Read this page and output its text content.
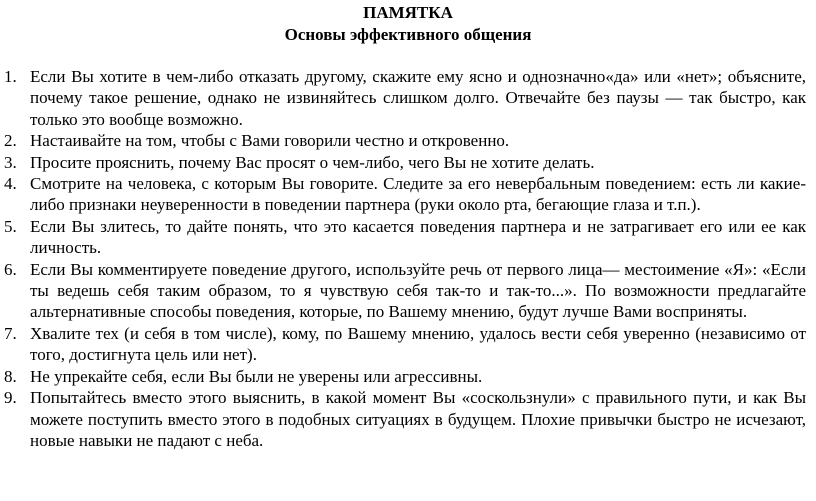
ПАМЯТКА
Основы эффективного общения
1. Если Вы хотите в чем-либо отказать другому, скажите ему ясно и однозначно«да» или «нет»; объясните, почему такое решение, однако не извиняйтесь слишком долго. Отвечайте без паузы — так быстро, как только это вообще возможно.
2. Настаивайте на том, чтобы с Вами говорили честно и откровенно.
3. Просите прояснить, почему Вас просят о чем-либо, чего Вы не хотите делать.
4. Смотрите на человека, с которым Вы говорите. Следите за его невербальным поведением: есть ли какие-либо признаки неуверенности в поведении партнера (руки около рта, бегающие глаза и т.п.).
5. Если Вы злитесь, то дайте понять, что это касается поведения партнера и не затрагивает его или ее как личность.
6. Если Вы комментируете поведение другого, используйте речь от первого лица— местоимение «Я»: «Если ты ведешь себя таким образом, то я чувствую себя так-то и так-то...». По возможности предлагайте альтернативные способы поведения, которые, по Вашему мнению, будут лучше Вами восприняты.
7. Хвалите тех (и себя в том числе), кому, по Вашему мнению, удалось вести себя уверенно (независимо от того, достигнута цель или нет).
8. Не упрекайте себя, если Вы были не уверены или агрессивны.
9. Попытайтесь вместо этого выяснить, в какой момент Вы «соскользнули» с правильного пути, и как Вы можете поступить вместо этого в подобных ситуациях в будущем. Плохие привычки быстро не исчезают, новые навыки не падают с неба.
